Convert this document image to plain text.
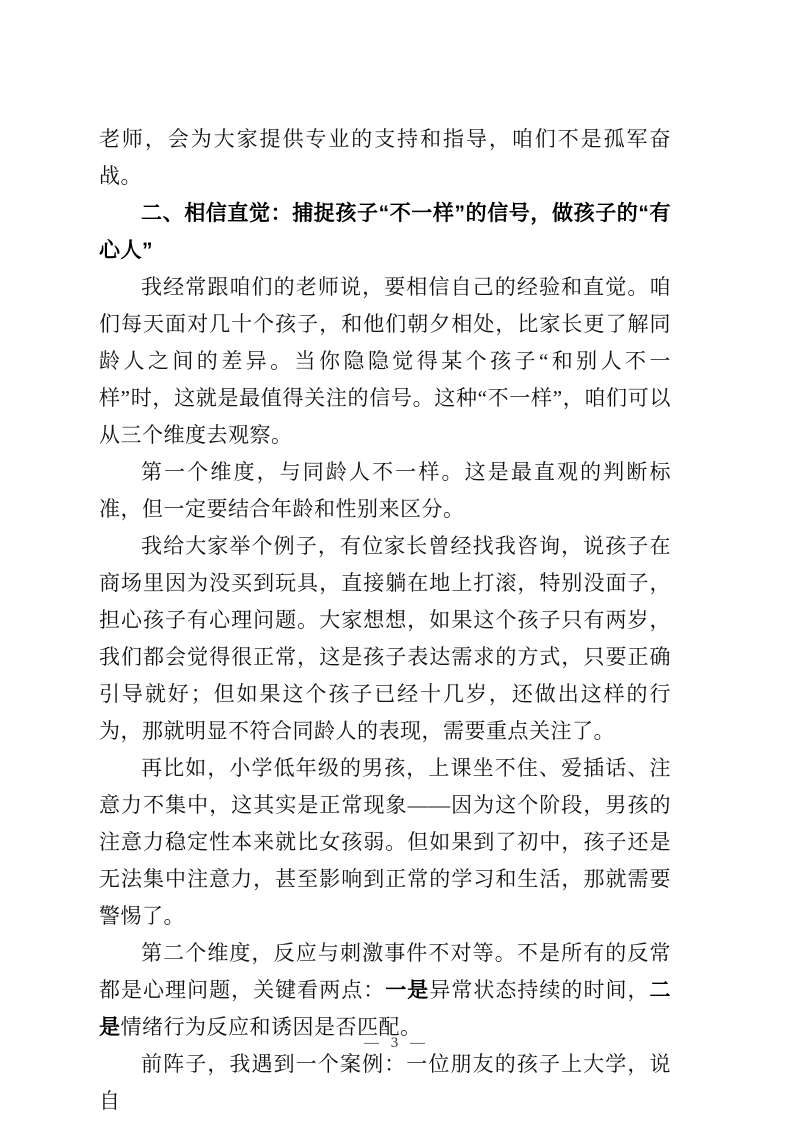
老师，会为大家提供专业的支持和指导，咱们不是孤军奋战。

二、相信直觉：捕捉孩子“不一样”的信号，做孩子的“有心人”

我经常跟咱们的老师说，要相信自己的经验和直觉。咱们每天面对几十个孩子，和他们朝夕相处，比家长更了解同龄人之间的差异。当你隐隐觉得某个孩子“和别人不一样”时，这就是最值得关注的信号。这种“不一样”，咱们可以从三个维度去观察。

第一个维度，与同龄人不一样。这是最直观的判断标准，但一定要结合年龄和性别来区分。

我给大家举个例子，有位家长曾经找我咨询，说孩子在商场里因为没买到玩具，直接躺在地上打滚，特别没面子，担心孩子有心理问题。大家想想，如果这个孩子只有两岁，我们都会觉得很正常，这是孩子表达需求的方式，只要正确引导就好；但如果这个孩子已经十几岁，还做出这样的行为，那就明显不符合同龄人的表现，需要重点关注了。

再比如，小学低年级的男孩，上课坐不住、爱插话、注意力不集中，这其实是正常现象——因为这个阶段，男孩的注意力稳定性本来就比女孩弱。但如果到了初中，孩子还是无法集中注意力，甚至影响到正常的学习和生活，那就需要警惕了。

第二个维度，反应与刺激事件不对等。不是所有的反常都是心理问题，关键看两点：一是异常状态持续的时间，二是情绪行为反应和诱因是否匹配。

前阵子，我遇到一个案例：一位朋友的孩子上大学，说自

— 3 —
